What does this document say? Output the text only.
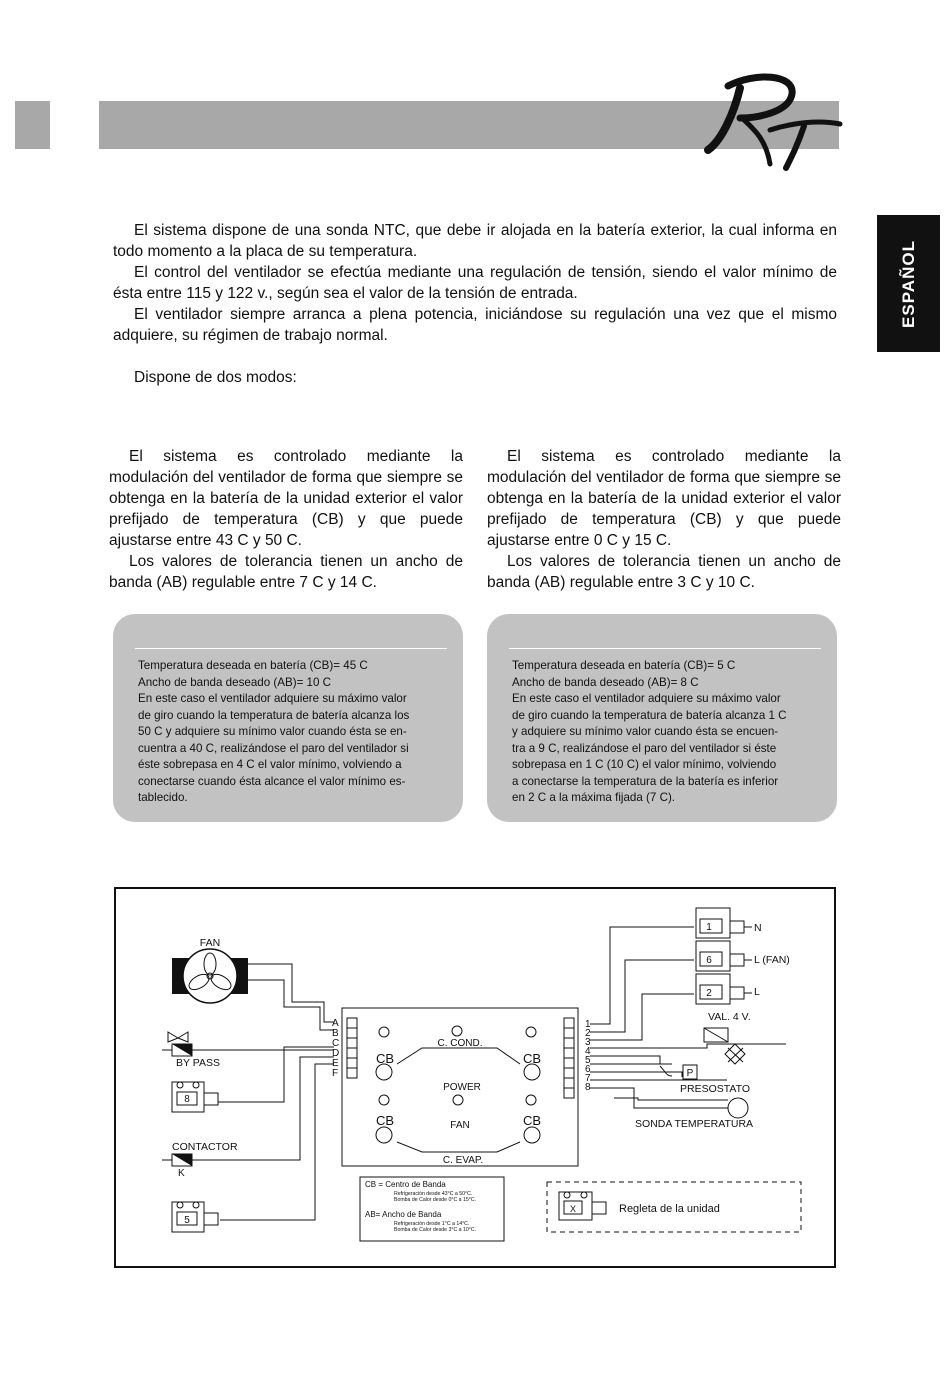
ESPAÑOL

El sistema dispone de una sonda NTC, que debe ir alojada en la batería exterior, la cual informa en todo momento a la placa de su temperatura.

El control del ventilador se efectúa mediante una regulación de tensión, siendo el valor mínimo de ésta entre 115 y 122 v., según sea el valor de la tensión de entrada.

El ventilador siempre arranca a plena potencia, iniciándose su regulación una vez que el mismo adquiere, su régimen de trabajo normal.

Dispone de dos modos:

El sistema es controlado mediante la modulación del ventilador de forma que siempre se obtenga en la batería de la unidad exterior el valor prefijado de temperatura (CB) y que puede ajustarse entre 43 C y 50 C.

Los valores de tolerancia tienen un ancho de banda (AB) regulable entre 7 C y 14 C.

El sistema es controlado mediante la modulación del ventilador de forma que siempre se obtenga en la batería de la unidad exterior el valor prefijado de temperatura (CB) y que puede ajustarse entre 0 C y 15 C.

Los valores de tolerancia tienen un ancho de banda (AB) regulable entre 3 C y 10 C.

Temperatura deseada en batería (CB)= 45 C
Ancho de banda deseado (AB)= 10 C
En este caso el ventilador adquiere su máximo valor
de giro cuando la temperatura de batería alcanza los
50 C y adquiere su mínimo valor cuando ésta se en-
cuentra a 40 C, realizándose el paro del ventilador si
éste sobrepasa en 4 C el valor mínimo, volviendo a
conectarse cuando ésta alcance el valor mínimo es-
tablecido.
Temperatura deseada en batería (CB)= 5 C
Ancho de banda deseado (AB)= 8 C
En este caso el ventilador adquiere su máximo valor
de giro cuando la temperatura de batería alcanza 1 C
y adquiere su mínimo valor cuando ésta se encuen-
tra a 9 C, realizándose el paro del ventilador si éste
sobrepasa en 1 C (10 C) el valor mínimo, volviendo
a conectarse la temperatura de la batería es inferior
en 2 C a la máxima fijada (7 C).
FAN
BY PASS
8
CONTACTOR
K
5
A
B
C
D
E
F
1
2
3
4
5
6
7
8
C. COND.
POWER
FAN
C. EVAP.
CB	CB
CB	CB
1
6
2
N
L (FAN)
L
VAL. 4 V.
P
PRESOSTATO
SONDA TEMPERATURA
CB = Centro de Banda
Refrigeración desde 43°C a 50°C.
Bomba de Calor desde 0°C a 15°C.
AB= Ancho de Banda
Refrigeración desde 1°C a 14°C.
Bomba de Calor desde 3°C a 10°C.
X	Regleta de la unidad
